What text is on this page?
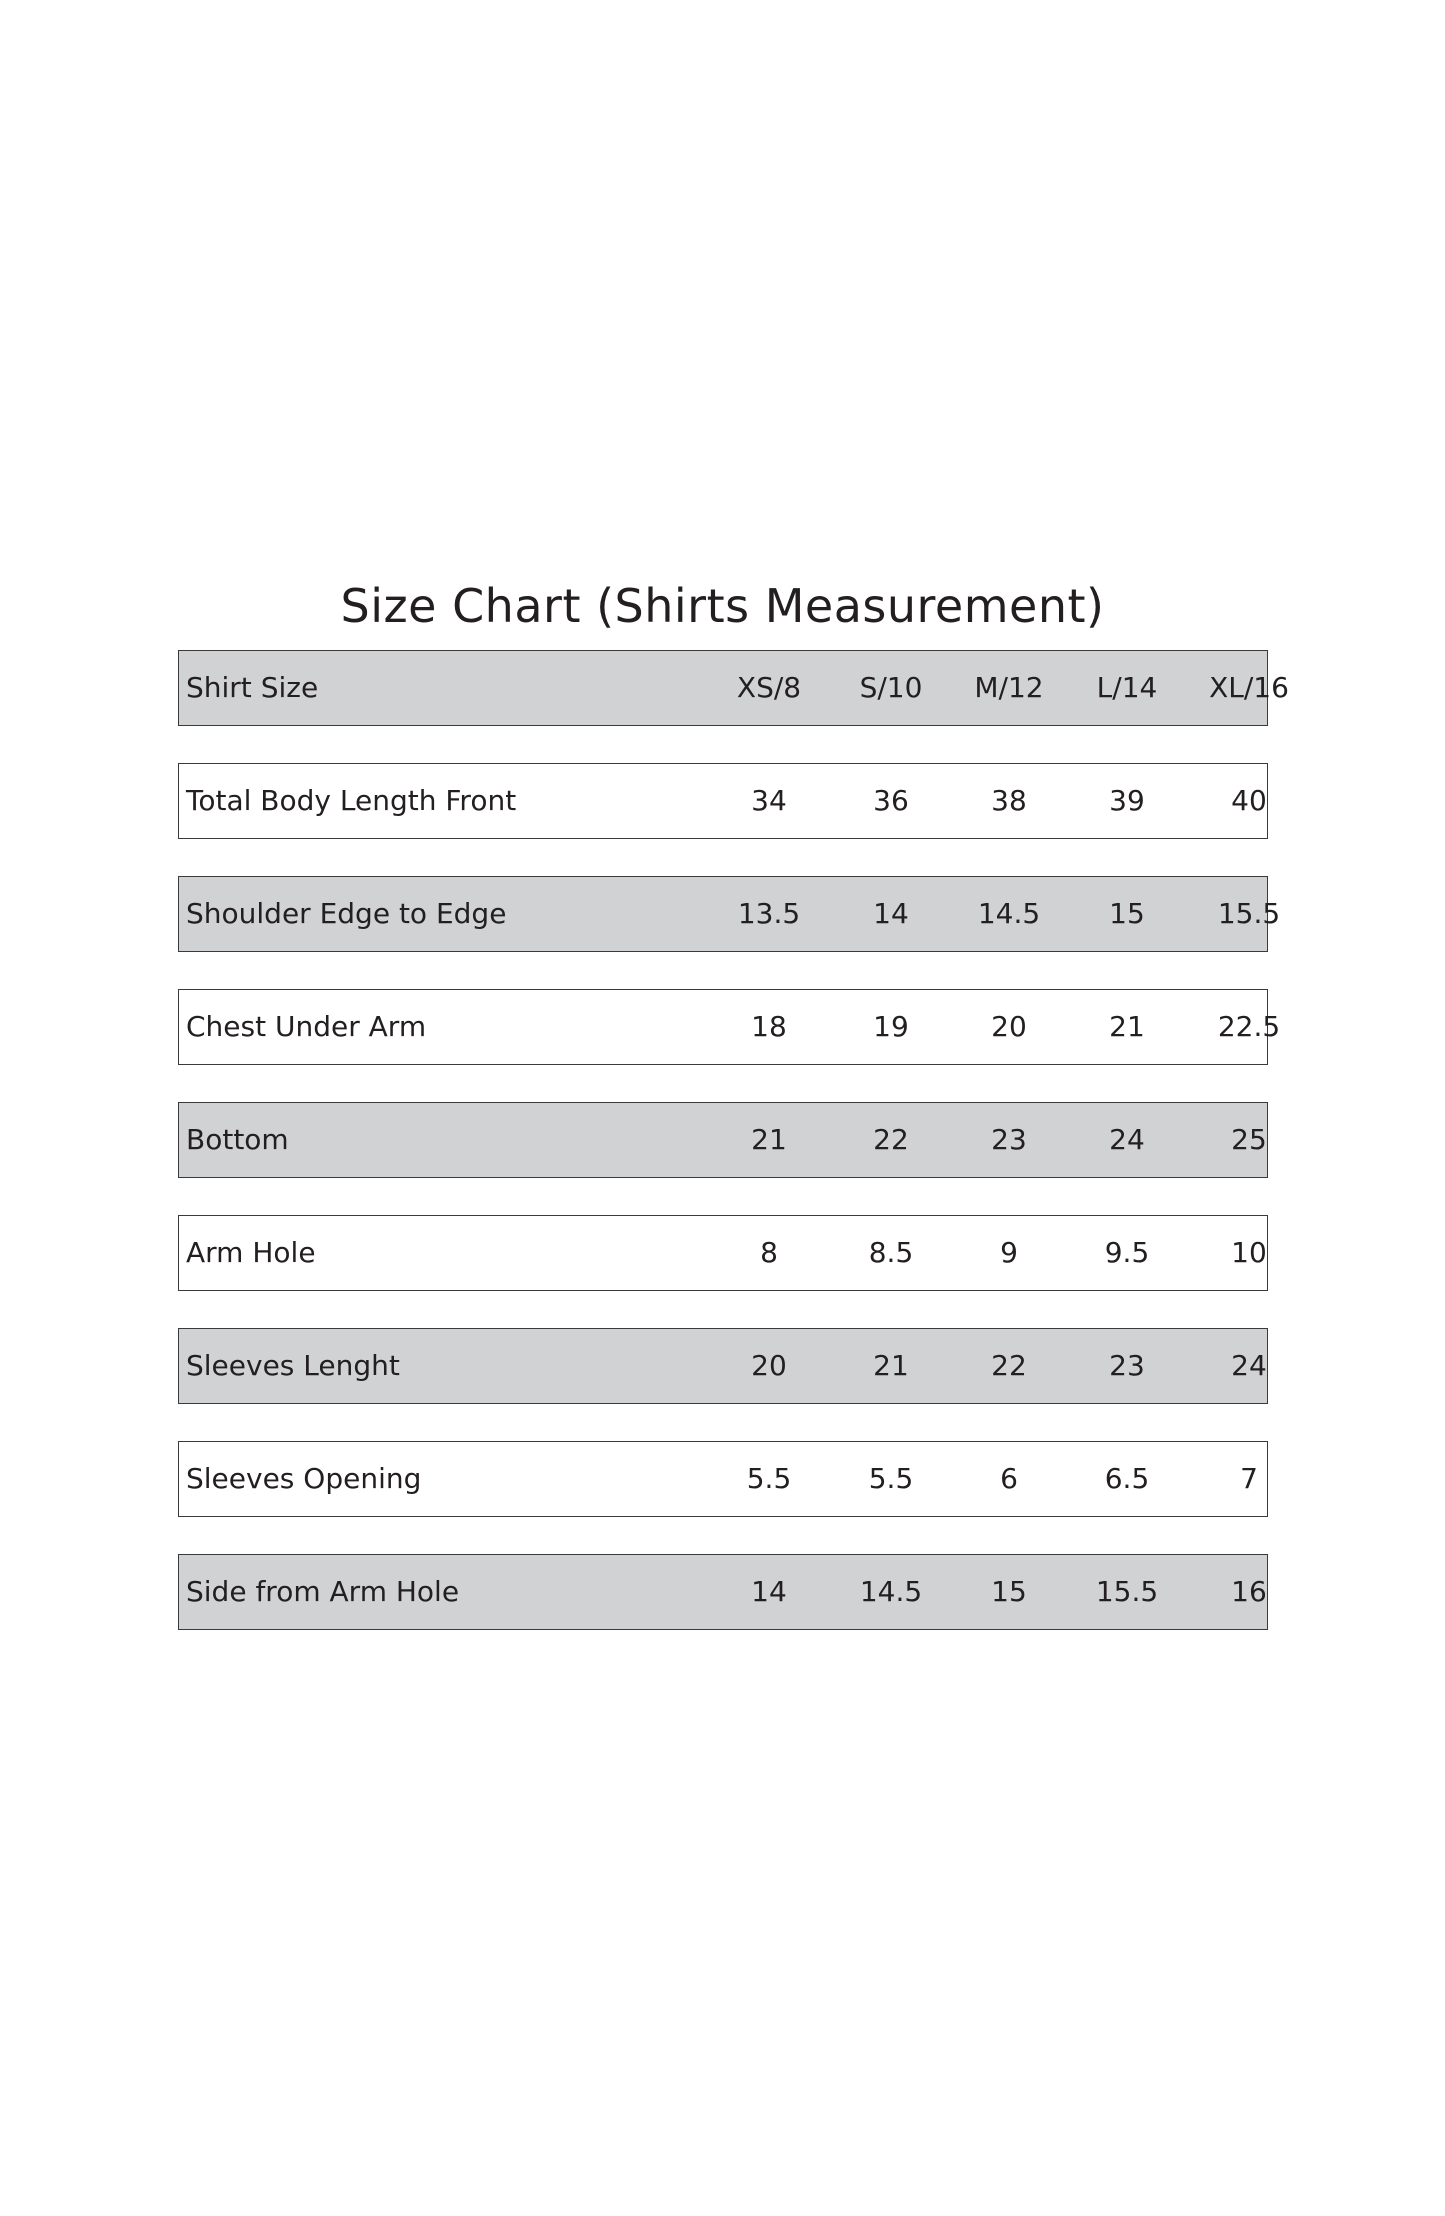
Size Chart (Shirts Measurement)
Shirt Size	XS/8	S/10	M/12	L/14	XL/16
Total Body Length Front	34	36	38	39	40
Shoulder Edge to Edge	13.5	14	14.5	15	15.5
Chest Under Arm	18	19	20	21	22.5
Bottom	21	22	23	24	25
Arm Hole	8	8.5	9	9.5	10
Sleeves Lenght	20	21	22	23	24
Sleeves Opening	5.5	5.5	6	6.5	7
Side from Arm Hole	14	14.5	15	15.5	16
